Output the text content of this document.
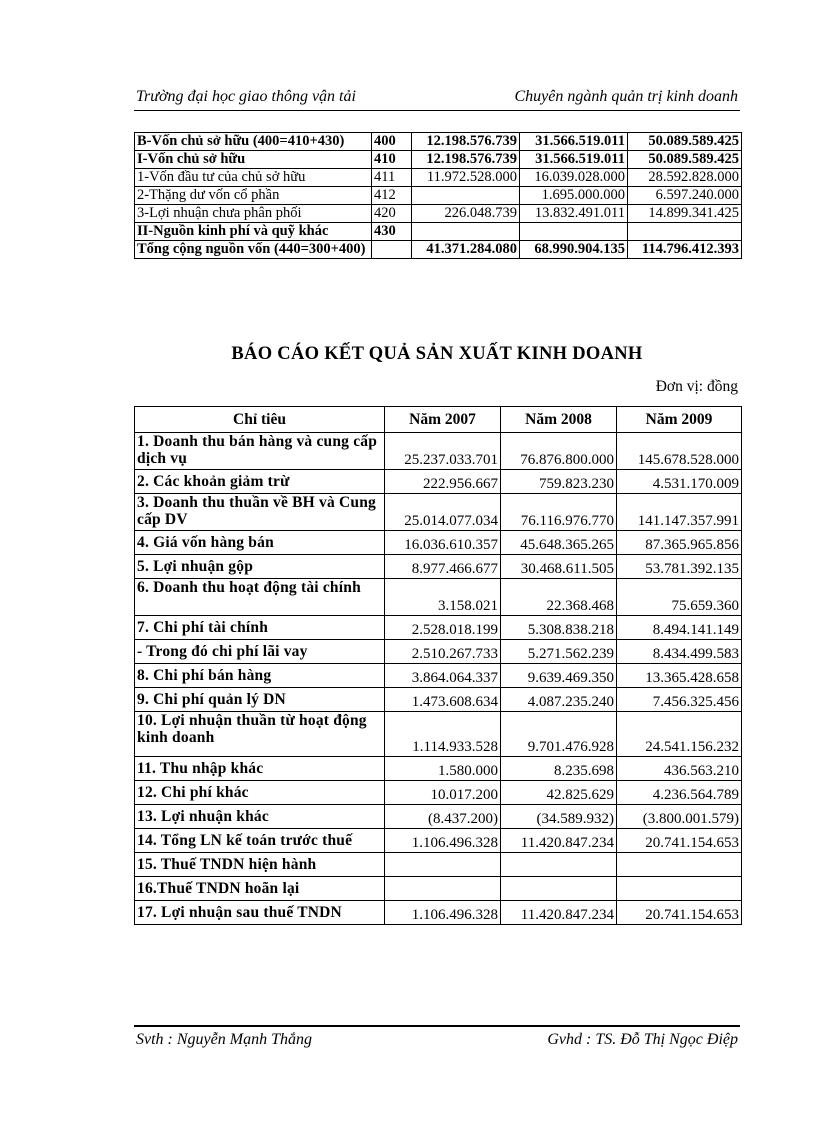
Trường đại học giao thông vận tải	Chuyên ngành quản trị kinh doanh
B-Vốn chủ sở hữu (400=410+430)	400	12.198.576.739	31.566.519.011	50.089.589.425
I-Vốn chủ sở hữu	410	12.198.576.739	31.566.519.011	50.089.589.425
1-Vốn đầu tư của chủ sở hữu	411	11.972.528.000	16.039.028.000	28.592.828.000
2-Thặng dư vốn cổ phần	412		1.695.000.000	6.597.240.000
3-Lợi nhuận chưa phân phối	420	226.048.739	13.832.491.011	14.899.341.425
II-Nguồn kinh phí và quỹ khác	430			
Tổng cộng nguồn vốn (440=300+400)		41.371.284.080	68.990.904.135	114.796.412.393
BÁO CÁO KẾT QUẢ SẢN XUẤT KINH DOANH
Đơn vị: đồng
Chỉ tiêu	Năm 2007	Năm 2008	Năm 2009
1. Doanh thu bán hàng và cung cấp dịch vụ	25.237.033.701	76.876.800.000	145.678.528.000
2. Các khoản giảm trừ	222.956.667	759.823.230	4.531.170.009
3. Doanh thu thuần về BH và Cung cấp DV	25.014.077.034	76.116.976.770	141.147.357.991
4. Giá vốn hàng bán	16.036.610.357	45.648.365.265	87.365.965.856
5. Lợi nhuận gộp	8.977.466.677	30.468.611.505	53.781.392.135
6. Doanh thu hoạt động tài chính	3.158.021	22.368.468	75.659.360
7. Chi phí tài chính	2.528.018.199	5.308.838.218	8.494.141.149
- Trong đó chi phí lãi vay	2.510.267.733	5.271.562.239	8.434.499.583
8. Chi phí bán hàng	3.864.064.337	9.639.469.350	13.365.428.658
9. Chi phí quản lý DN	1.473.608.634	4.087.235.240	7.456.325.456
10. Lợi nhuận thuần từ hoạt động kinh doanh	1.114.933.528	9.701.476.928	24.541.156.232
11. Thu nhập khác	1.580.000	8.235.698	436.563.210
12. Chi phí khác	10.017.200	42.825.629	4.236.564.789
13. Lợi nhuận khác	(8.437.200)	(34.589.932)	(3.800.001.579)
14. Tổng LN kế toán trước thuế	1.106.496.328	11.420.847.234	20.741.154.653
15. Thuế TNDN hiện hành			
16.Thuế TNDN hoãn lại			
17. Lợi nhuận sau thuế TNDN	1.106.496.328	11.420.847.234	20.741.154.653
Svth : Nguyễn Mạnh Thắng	Gvhd : TS. Đỗ Thị Ngọc Điệp
